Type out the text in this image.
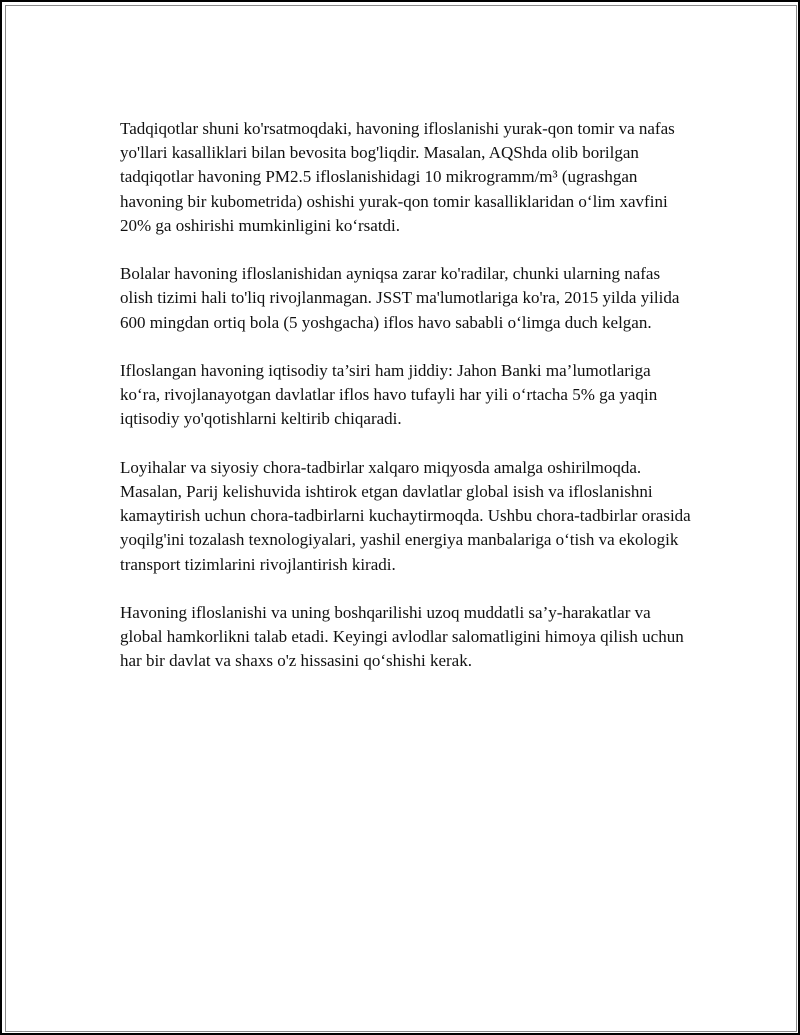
Tadqiqotlar shuni ko'rsatmoqdaki, havoning ifloslanishi yurak-qon tomir va nafas yo'llari kasalliklari bilan bevosita bog'liqdir. Masalan, AQShda olib borilgan tadqiqotlar havoning PM2.5 ifloslanishidagi 10 mikrogramm/m³ (ugrashgan havoning bir kubometrida) oshishi yurak-qon tomir kasalliklaridan o‘lim xavfini 20% ga oshirishi mumkinligini ko‘rsatdi.

Bolalar havoning ifloslanishidan ayniqsa zarar ko'radilar, chunki ularning nafas olish tizimi hali to'liq rivojlanmagan. JSST ma'lumotlariga ko'ra, 2015 yilda yilida 600 mingdan ortiq bola (5 yoshgacha) iflos havo sababli o‘limga duch kelgan.

Ifloslangan havoning iqtisodiy ta’siri ham jiddiy: Jahon Banki ma’lumotlariga ko‘ra, rivojlanayotgan davlatlar iflos havo tufayli har yili o‘rtacha 5% ga yaqin iqtisodiy yo'qotishlarni keltirib chiqaradi.

Loyihalar va siyosiy chora-tadbirlar xalqaro miqyosda amalga oshirilmoqda. Masalan, Parij kelishuvida ishtirok etgan davlatlar global isish va ifloslanishni kamaytirish uchun chora-tadbirlarni kuchaytirmoqda. Ushbu chora-tadbirlar orasida yoqilg'ini tozalash texnologiyalari, yashil energiya manbalariga o‘tish va ekologik transport tizimlarini rivojlantirish kiradi.

Havoning ifloslanishi va uning boshqarilishi uzoq muddatli sa’y-harakatlar va global hamkorlikni talab etadi. Keyingi avlodlar salomatligini himoya qilish uchun har bir davlat va shaxs o'z hissasini qo‘shishi kerak.
